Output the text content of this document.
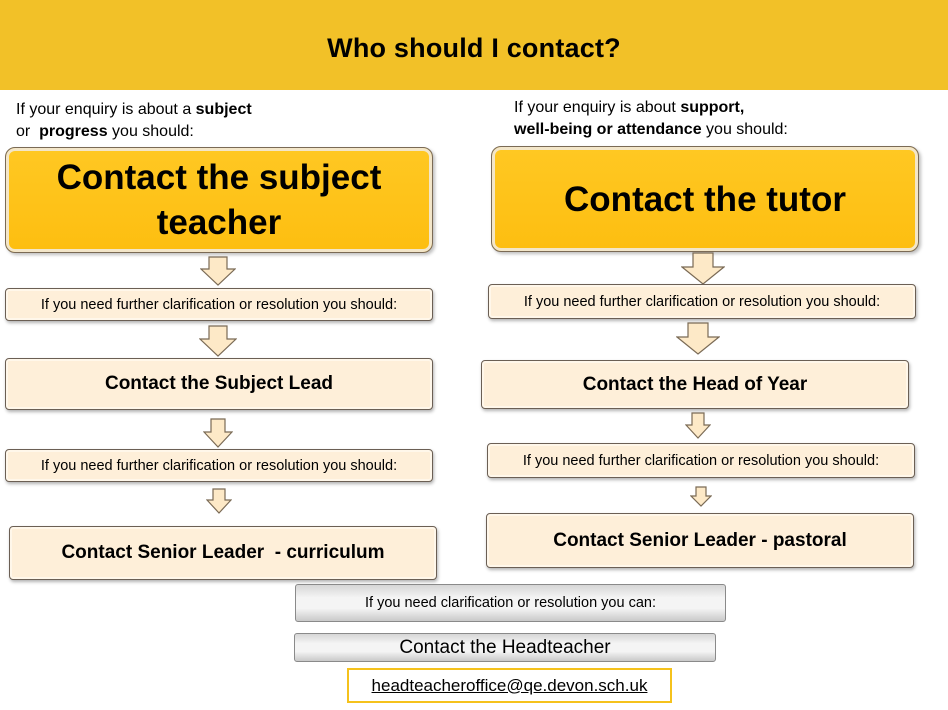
Who should I contact?
If your enquiry is about a subject
or  progress you should:
Contact the subject
teacher
If you need further clarification or resolution you should:
Contact the Subject Lead
If you need further clarification or resolution you should:
Contact Senior Leader  - curriculum
If your enquiry is about support,
well-being or attendance you should:
Contact the tutor
If you need further clarification or resolution you should:
Contact the Head of Year
If you need further clarification or resolution you should:
Contact Senior Leader - pastoral
If you need clarification or resolution you can:
Contact the Headteacher
headteacheroffice@qe.devon.sch.uk
